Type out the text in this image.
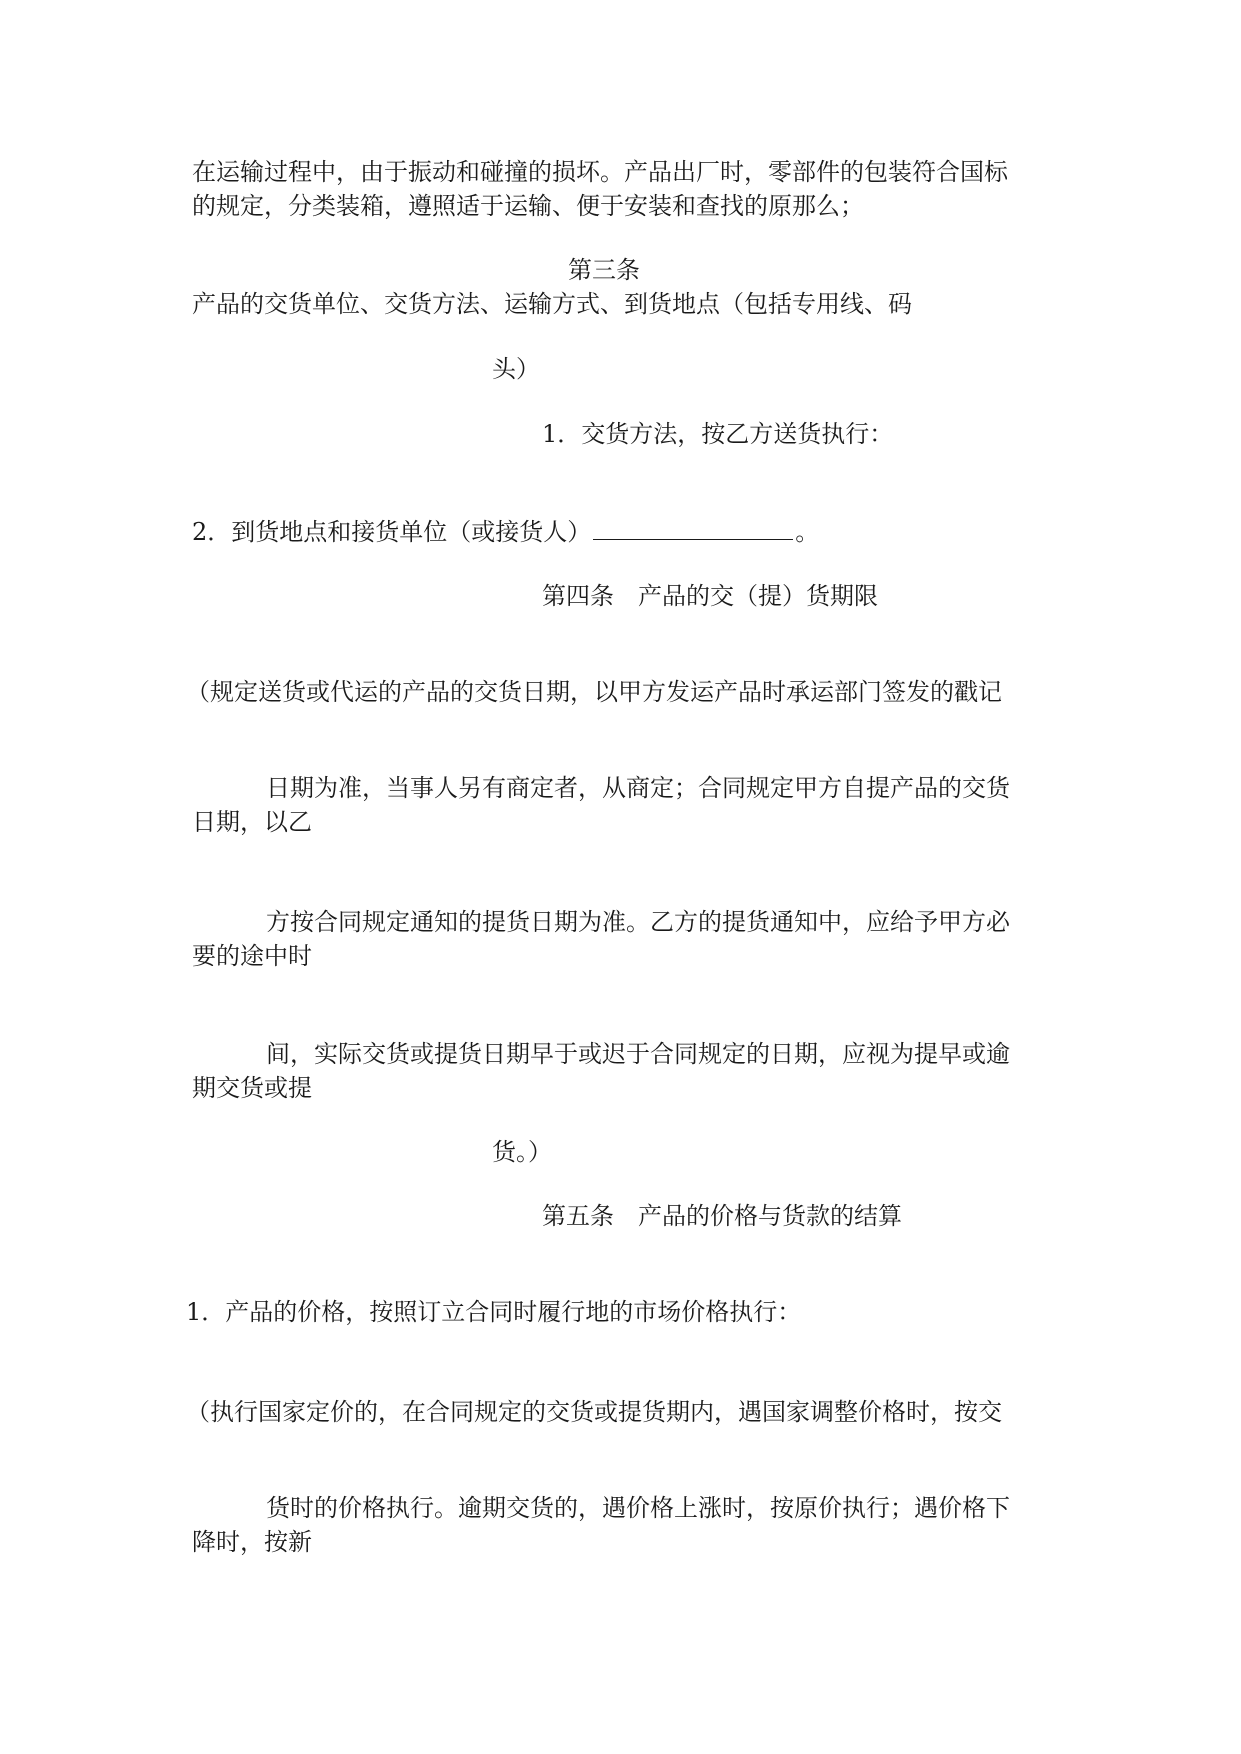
在运输过程中，由于振动和碰撞的损坏。产品出厂时，零部件的包装符合国标
的规定，分类装箱，遵照适于运输、便于安装和查找的原那么；
第三条
产品的交货单位、交货方法、运输方式、到货地点（包括专用线、码
头）
1．交货方法，按乙方送货执行：
2．到货地点和接货单位（或接货人）	。
第四条　产品的交（提）货期限
（规定送货或代运的产品的交货日期，以甲方发运产品时承运部门签发的戳记
日期为准，当事人另有商定者，从商定；合同规定甲方自提产品的交货
日期，以乙
方按合同规定通知的提货日期为准。乙方的提货通知中，应给予甲方必
要的途中时
间，实际交货或提货日期早于或迟于合同规定的日期，应视为提早或逾
期交货或提
货。）
第五条　产品的价格与货款的结算
1．产品的价格，按照订立合同时履行地的市场价格执行：
（执行国家定价的，在合同规定的交货或提货期内，遇国家调整价格时，按交
货时的价格执行。逾期交货的，遇价格上涨时，按原价执行；遇价格下
降时，按新
